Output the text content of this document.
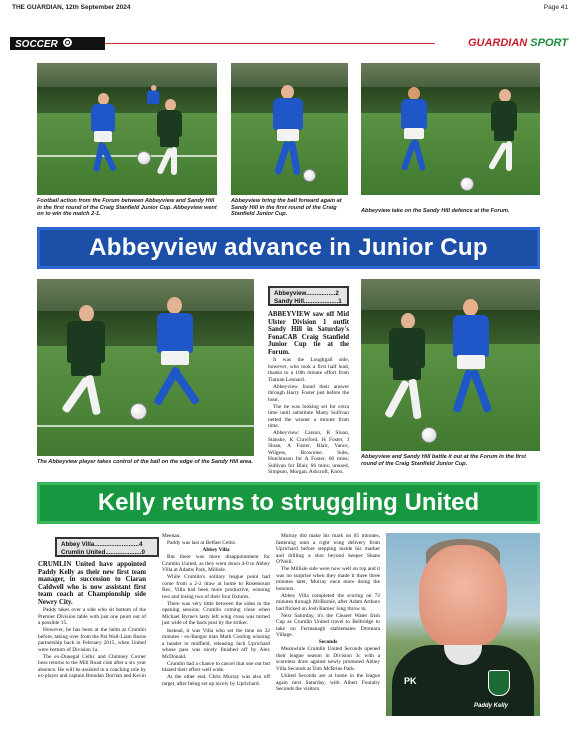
THE GUARDIAN, 12th September 2024	Page 41
SOCCER	GUARDIAN SPORT
Football action from the Forum between Abbeyview and Sandy Hill in the first round of the Craig Stanfield Junior Cup. Abbeyview went on to win the match 2-1.
Abbeyview bring the ball forward again at Sandy Hill in the first round of the Craig Stanfield Junior Cup.
Abbeyview take on the Sandy Hill defence at the Forum.
Abbeyview advance in Junior Cup
Abbeyview.................2
Sandy Hill....................1

ABBEYVIEW saw off Mid Ulster Division 1 outfit Sandy Hill in Saturday's FonaCAB Craig Stanfield Junior Cup tie at the Forum.

It was the Loughgall side, however, who took a first half lead, thanks to a 10th minute effort from Tiarnan Leonard.

Abbeyview found their answer through Harry Foster just before the hour.

The tie was looking set for extra time until substitute Matty Sullivan netted the winner a minute from time.

Abbeyview: Carson, R Sloan, Stanske, K Crawford, H Foster, J Sloan, A Foster, Blair, Vance, Wilgess, Brownlee. Subs, Hutchinson for A Foster, 66 mins; Sullivan for Blair, 66 mins; unused, Simpson, Morgan, Ashcroft, Knox.

The Abbeyview player takes control of the ball on the edge of the Sandy Hill area.
Abbeyview and Sandy Hill battle it out at the Forum in the first round of the Craig Stanfield Junior Cup.
Kelly returns to struggling United
Abbey Villa..........................4
Crumlin United.....................0

CRUMLIN United have appointed Paddy Kelly as their new first team manager, in succession to Ciaran Caldwell who is now assistant first team coach at Championship side Newry City.

Paddy takes over a side who sit bottom of the Premier Division table with just one point out of a possible 15.

However, he has been at the helm at Crumlin before, taking over from the Pat Wall-Liam Burns partnership back in February 2015, when United were bottom of Division 1a.

The ex-Donegal Celtic and Chimney Corner boss returns to the Mill Road club after a six year absence. He will be assisted in a coaching role by ex-player and captain Brendan Dorrian and Kevin

Meenan.

Paddy was last at Belfast Celtic.

Abbey Villa

But there was more disappointment for Crumlin United, as they went down 4-0 to Abbey Villa at Adams Park, Millisle.

While Crumlin's solitary league point had come from a 2-2 draw at home to Rosemount Rec, Villa had been more productive, winning two and losing two of their four fixtures.

There was very little between the sides in the opening session; Crumlin coming close when Michael Byrne's tasty left wing cross was turned just wide of the back post by the striker.

Instead, it was Villa who set the tone on 32 minutes - ex-Bangor man Mark Cooling winning a header in midfield, releasing Jack Uprichard whose pass was nicely finished off by Alex McDonald.

Crumlin had a chance to cancel that one out but blazed their effort well wide.

At the other end, Chris Murray was also off target, after being set up nicely by Uprichard.

Murray did make his mark on 65 minutes, fastening onto a right wing delivery from Uprichard before stepping inside his marker and drilling a shot beyond keeper Shane O'Neill.

The Millisle side were now well on top and it was no surprise when they made it three three minutes later, Murray once more doing the honours.

Abbey Villa completed the scoring on 72 minutes through McBurnie, after Adam Arthurs had flicked on Josh Barnes' long throw in.

Next Saturday, it's the Clearer Water Irish Cup as Crumlin United travel to Belbridge to take on Fermanagh stablemates Dromara Village.

Seconds

Meanwhile Crumlin United Seconds opened their league season in Division 3c with a scoreless draw against newly promoted Abbey Villa Seconds at Tom McBrine Park.

United Seconds are at home in the league again next Saturday, with Albert Foundry Seconds the visitors.

PK
Paddy Kelly
